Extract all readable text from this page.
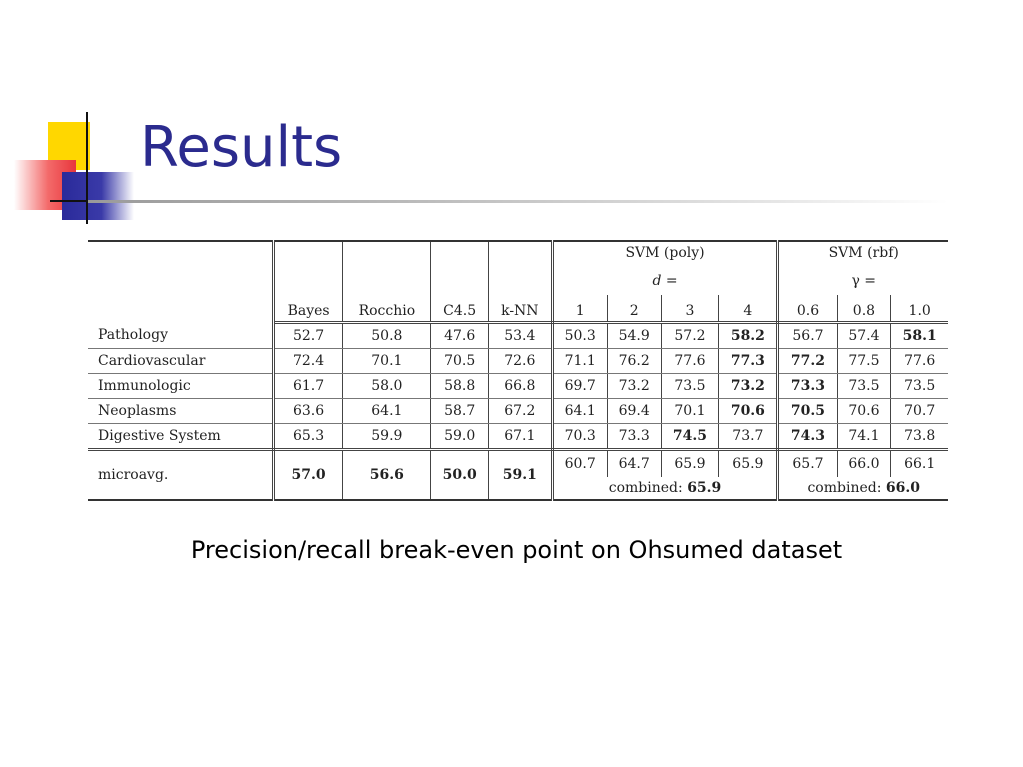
Results
					SVM (poly)				SVM (rbf)		
					d =				γ =		
	Bayes	Rocchio	C4.5	k-NN	1	2	3	4	0.6	0.8	1.0
Pathology	52.7	50.8	47.6	53.4	50.3	54.9	57.2	58.2	56.7	57.4	58.1
Cardiovascular	72.4	70.1	70.5	72.6	71.1	76.2	77.6	77.3	77.2	77.5	77.6
Immunologic	61.7	58.0	58.8	66.8	69.7	73.2	73.5	73.2	73.3	73.5	73.5
Neoplasms	63.6	64.1	58.7	67.2	64.1	69.4	70.1	70.6	70.5	70.6	70.7
Digestive System	65.3	59.9	59.0	67.1	70.3	73.3	74.5	73.7	74.3	74.1	73.8
microavg.	57.0	56.6	50.0	59.1	60.7	64.7	65.9	65.9	65.7	66.0	66.1
					combined: 65.9				combined: 66.0		
Precision/recall break-even point on Ohsumed dataset
